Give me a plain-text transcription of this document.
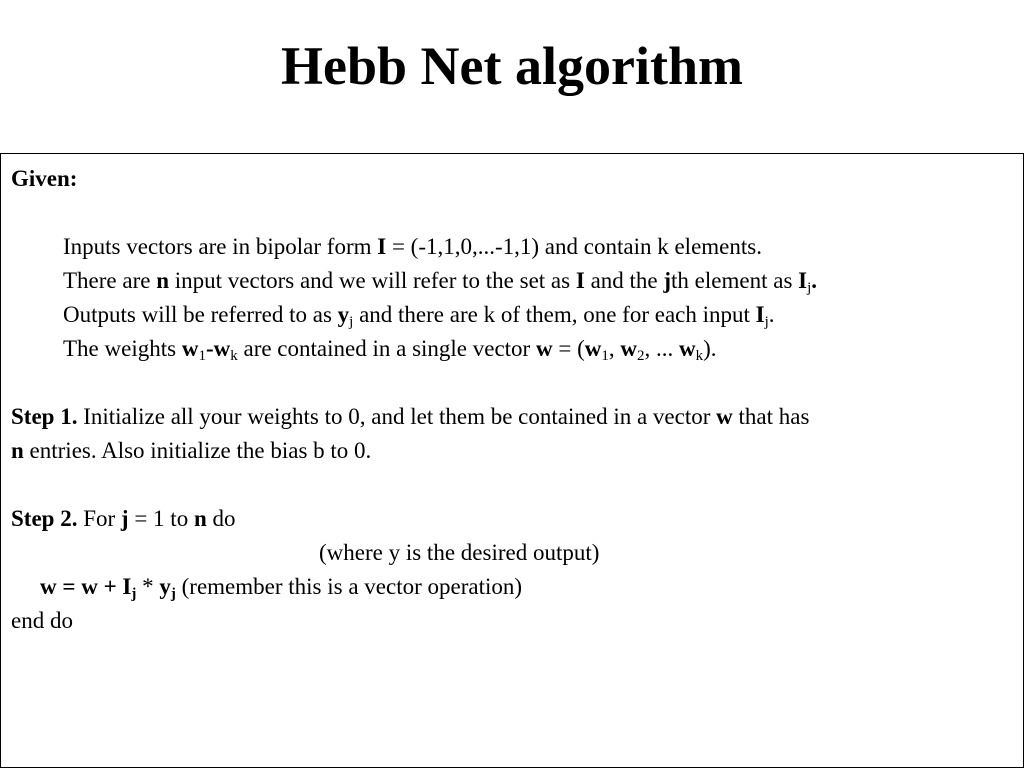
Hebb Net algorithm
Given:
Inputs vectors are in bipolar form I = (-1,1,0,...-1,1) and contain k elements.
There are n input vectors and we will refer to the set as I and the jth element as $I_j$.
Outputs will be referred to as $y_j$ and there are k of them, one for each input $I_j$.
The weights $w_1-w_k$ are contained in a single vector $w = (w_1$, $w_2$, ... $w_k$).
Step 1. Initialize all your weights to 0, and let them be contained in a vector w that has
n entries. Also initialize the bias b to 0.
Step 2. For j = 1 to n do
(where y is the desired output)
$w = w + I_j * y_j$ (remember this is a vector operation)
end do
